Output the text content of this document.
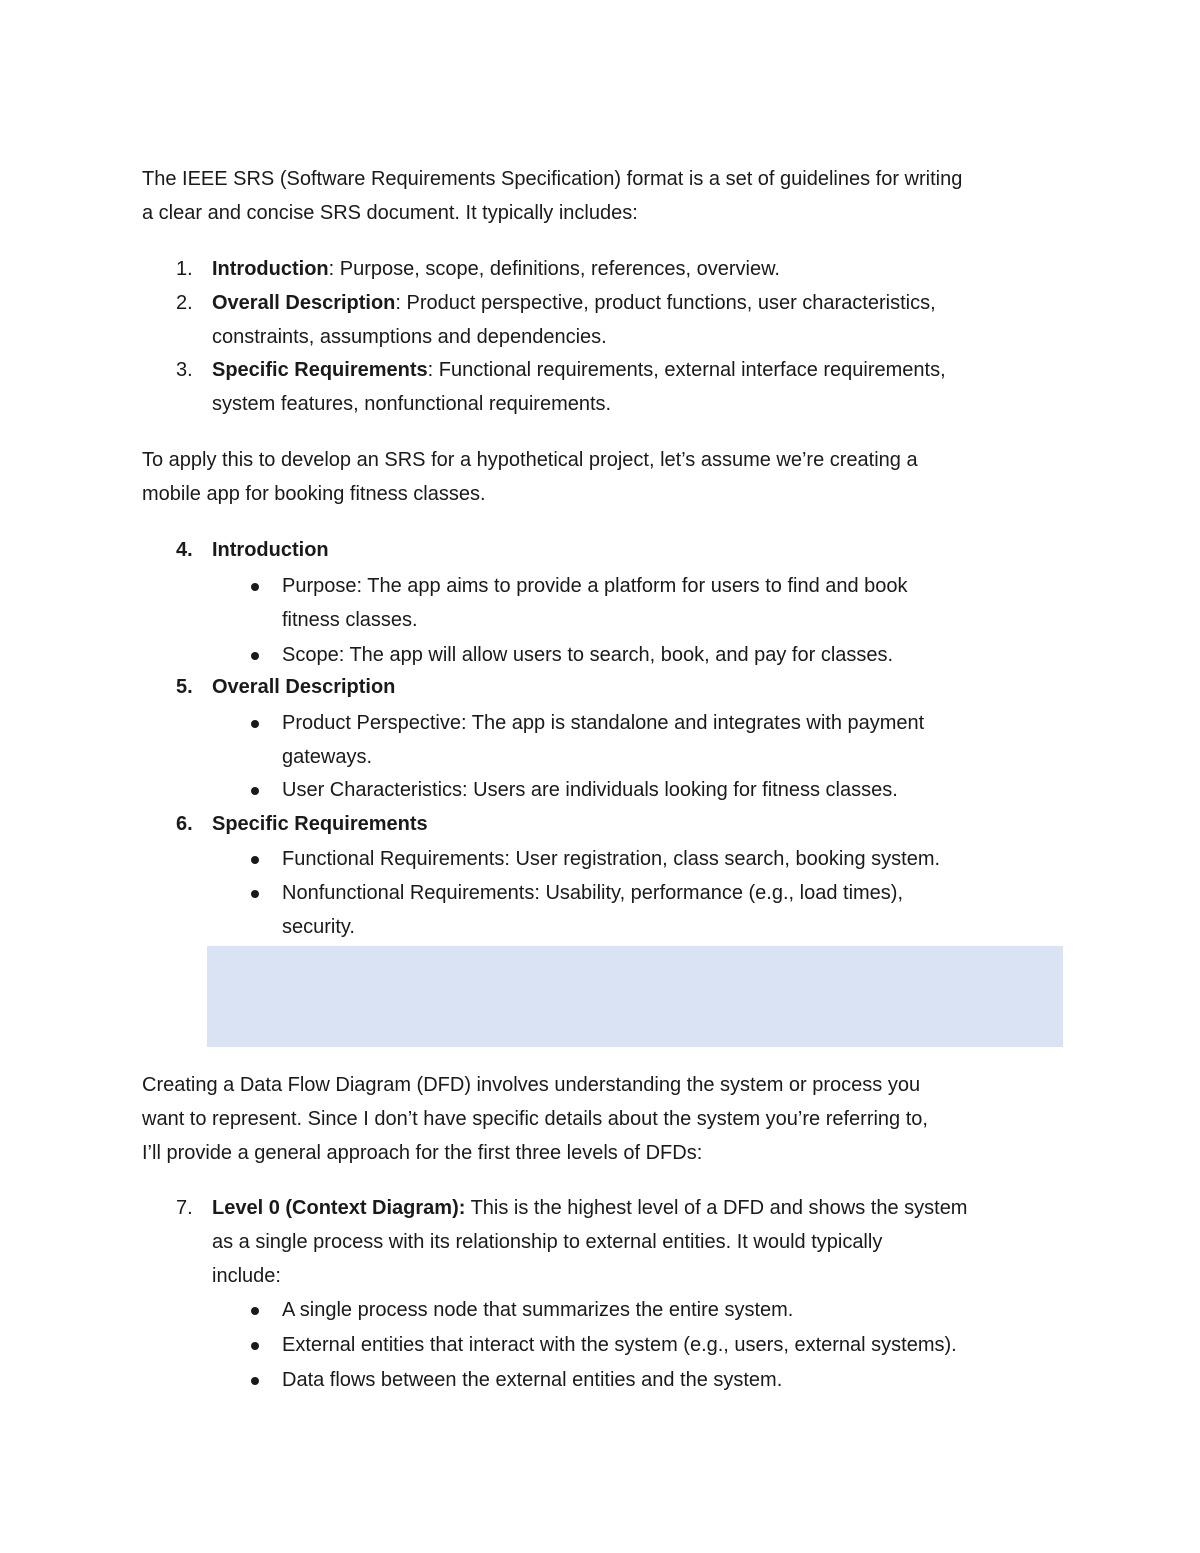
The IEEE SRS (Software Requirements Specification) format is a set of guidelines for writing
a clear and concise SRS document. It typically includes:
1. Introduction: Purpose, scope, definitions, references, overview.
2. Overall Description: Product perspective, product functions, user characteristics,
constraints, assumptions and dependencies.
3. Specific Requirements: Functional requirements, external interface requirements,
system features, nonfunctional requirements.
To apply this to develop an SRS for a hypothetical project, let’s assume we’re creating a
mobile app for booking fitness classes.
4. Introduction
Purpose: The app aims to provide a platform for users to find and book
fitness classes.
Scope: The app will allow users to search, book, and pay for classes.
5. Overall Description
Product Perspective: The app is standalone and integrates with payment
gateways.
User Characteristics: Users are individuals looking for fitness classes.
6. Specific Requirements
Functional Requirements: User registration, class search, booking system.
Nonfunctional Requirements: Usability, performance (e.g., load times),
security.
Creating a Data Flow Diagram (DFD) involves understanding the system or process you
want to represent. Since I don’t have specific details about the system you’re referring to,
I’ll provide a general approach for the first three levels of DFDs:
7. Level 0 (Context Diagram): This is the highest level of a DFD and shows the system
as a single process with its relationship to external entities. It would typically
include:
A single process node that summarizes the entire system.
External entities that interact with the system (e.g., users, external systems).
Data flows between the external entities and the system.
